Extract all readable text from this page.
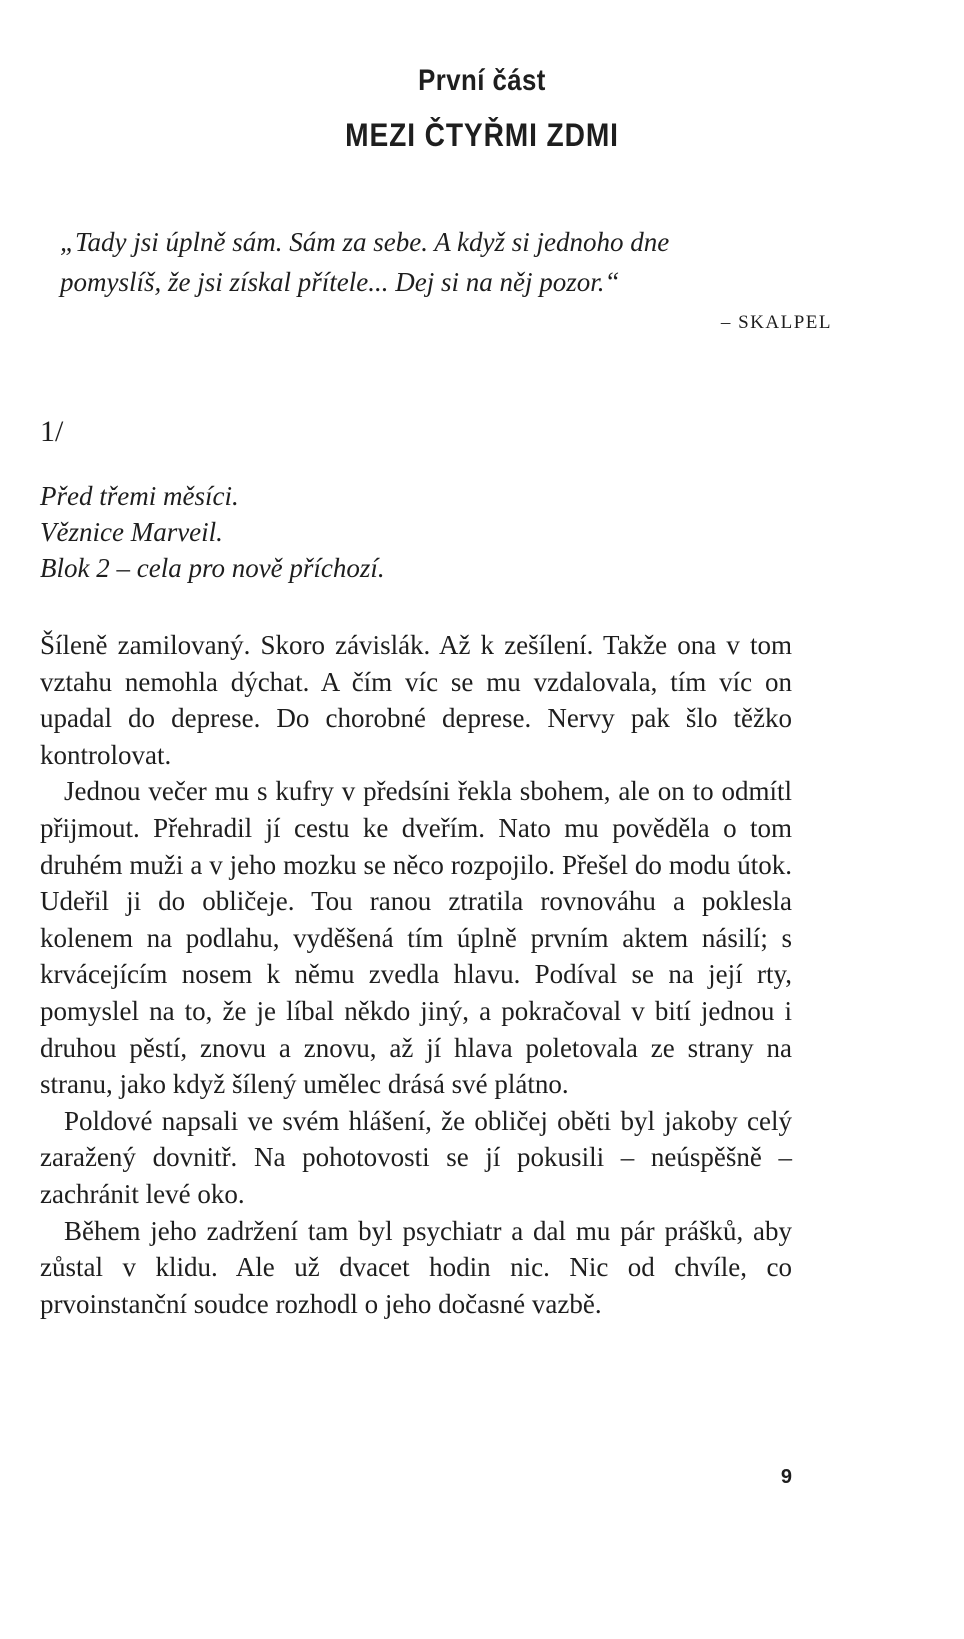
První část
MEZI ČTYŘMI ZDMI
„Tady jsi úplně sám. Sám za sebe. A když si jednoho dne
pomyslíš, že jsi získal přítele... Dej si na něj pozor.“
– SKALPEL
1/
Před třemi měsíci.
Věznice Marveil.
Blok 2 – cela pro nově příchozí.

Šíleně zamilovaný. Skoro závislák. Až k zešílení. Takže ona v tom vztahu nemohla dýchat. A čím víc se mu vzdalovala, tím víc on upadal do deprese. Do chorobné deprese. Nervy pak šlo těžko kontrolovat.

Jednou večer mu s kufry v předsíni řekla sbohem, ale on to odmítl přijmout. Přehradil jí cestu ke dveřím. Nato mu pověděla o tom druhém muži a v jeho mozku se něco rozpojilo. Přešel do modu útok. Udeřil ji do obličeje. Tou ranou ztratila rovnováhu a poklesla kolenem na podlahu, vyděšená tím úplně prvním aktem násilí; s krvácejícím nosem k němu zvedla hlavu. Podíval se na její rty, pomyslel na to, že je líbal někdo jiný, a pokračoval v bití jednou i druhou pěstí, znovu a znovu, až jí hlava poletovala ze strany na stranu, jako když šílený umělec drásá své plátno.

Poldové napsali ve svém hlášení, že obličej oběti byl jakoby celý zaražený dovnitř. Na pohotovosti se jí pokusili – neúspěšně – zachránit levé oko.

Během jeho zadržení tam byl psychiatr a dal mu pár prášků, aby zůstal v klidu. Ale už dvacet hodin nic. Nic od chvíle, co prvoinstanční soudce rozhodl o jeho dočasné vazbě.

9
